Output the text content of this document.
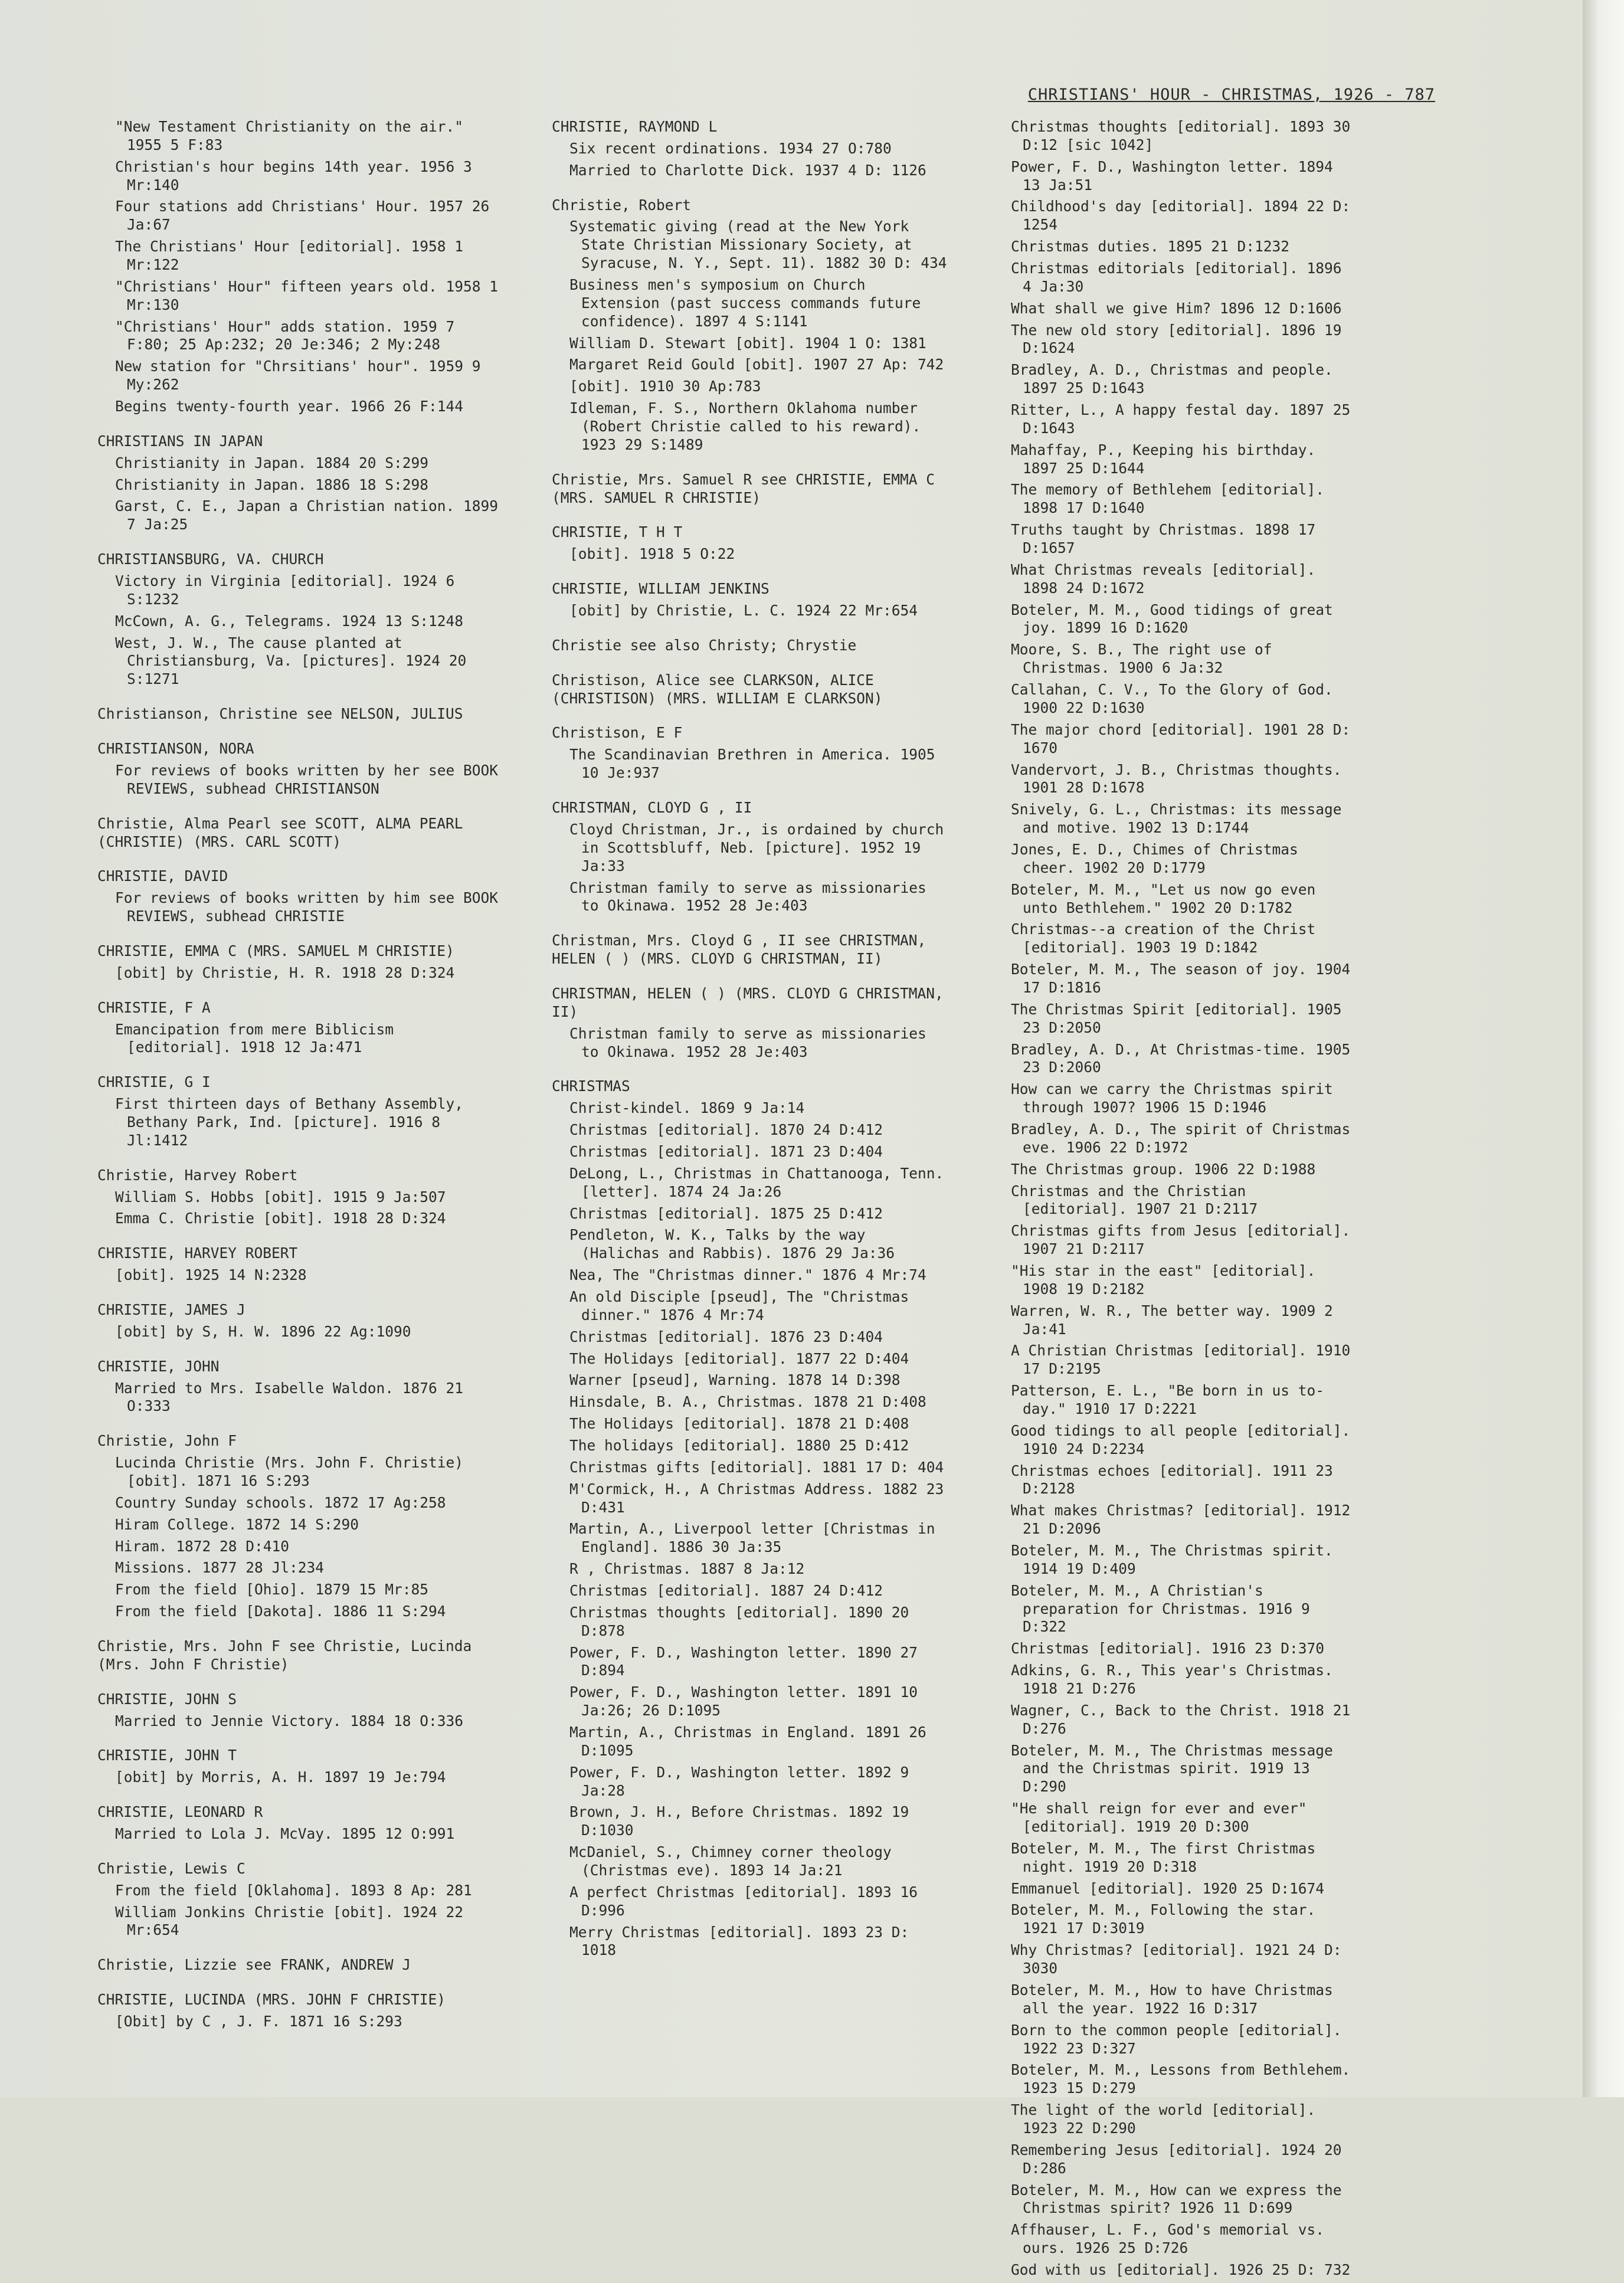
CHRISTIANS' HOUR - CHRISTMAS, 1926 - 787
"New Testament Christianity on the air." 1955 5 F:83
Christian's hour begins 14th year. 1956 3 Mr:140
Four stations add Christians' Hour. 1957 26 Ja:67
The Christians' Hour [editorial]. 1958 1 Mr:122
"Christians' Hour" fifteen years old. 1958 1 Mr:130
"Christians' Hour" adds station. 1959 7 F:80; 25 Ap:232; 20 Je:346; 2 My:248
New station for "Chrsitians' hour". 1959 9 My:262
Begins twenty-fourth year. 1966 26 F:144
CHRISTIANS IN JAPAN
Christianity in Japan. 1884 20 S:299
Christianity in Japan. 1886 18 S:298
Garst, C. E., Japan a Christian nation. 1899 7 Ja:25
CHRISTIANSBURG, VA. CHURCH
Victory in Virginia [editorial]. 1924 6 S:1232
McCown, A. G., Telegrams. 1924 13 S:1248
West, J. W., The cause planted at Christiansburg, Va. [pictures]. 1924 20 S:1271
Christianson, Christine see NELSON, JULIUS
CHRISTIANSON, NORA
For reviews of books written by her see BOOK REVIEWS, subhead CHRISTIANSON
Christie, Alma Pearl see SCOTT, ALMA PEARL (CHRISTIE) (MRS. CARL SCOTT)
CHRISTIE, DAVID
For reviews of books written by him see BOOK REVIEWS, subhead CHRISTIE
CHRISTIE, EMMA C (MRS. SAMUEL M CHRISTIE)
[obit] by Christie, H. R. 1918 28 D:324
CHRISTIE, F A
Emancipation from mere Biblicism [editorial]. 1918 12 Ja:471
CHRISTIE, G I
First thirteen days of Bethany Assembly, Bethany Park, Ind. [picture]. 1916 8 Jl:1412
Christie, Harvey Robert
William S. Hobbs [obit]. 1915 9 Ja:507
Emma C. Christie [obit]. 1918 28 D:324
CHRISTIE, HARVEY ROBERT
[obit]. 1925 14 N:2328
CHRISTIE, JAMES J
[obit] by S, H. W. 1896 22 Ag:1090
CHRISTIE, JOHN
Married to Mrs. Isabelle Waldon. 1876 21 O:333
Christie, John F
Lucinda Christie (Mrs. John F. Christie) [obit]. 1871 16 S:293
Country Sunday schools. 1872 17 Ag:258
Hiram College. 1872 14 S:290
Hiram. 1872 28 D:410
Missions. 1877 28 Jl:234
From the field [Ohio]. 1879 15 Mr:85
From the field [Dakota]. 1886 11 S:294
Christie, Mrs. John F see Christie, Lucinda (Mrs. John F Christie)
CHRISTIE, JOHN S
Married to Jennie Victory. 1884 18 O:336
CHRISTIE, JOHN T
[obit] by Morris, A. H. 1897 19 Je:794
CHRISTIE, LEONARD R
Married to Lola J. McVay. 1895 12 O:991
Christie, Lewis C
From the field [Oklahoma]. 1893 8 Ap: 281
William Jonkins Christie [obit]. 1924 22 Mr:654
Christie, Lizzie see FRANK, ANDREW J
CHRISTIE, LUCINDA (MRS. JOHN F CHRISTIE)
[Obit] by C , J. F. 1871 16 S:293
CHRISTIE, RAYMOND L
Six recent ordinations. 1934 27 O:780
Married to Charlotte Dick. 1937 4 D: 1126
Christie, Robert
Systematic giving (read at the New York State Christian Missionary Society, at Syracuse, N. Y., Sept. 11). 1882 30 D: 434
Business men's symposium on Church Extension (past success commands future confidence). 1897 4 S:1141
William D. Stewart [obit]. 1904 1 O: 1381
Margaret Reid Gould [obit]. 1907 27 Ap: 742
[obit]. 1910 30 Ap:783
Idleman, F. S., Northern Oklahoma number (Robert Christie called to his reward). 1923 29 S:1489
Christie, Mrs. Samuel R see CHRISTIE, EMMA C (MRS. SAMUEL R CHRISTIE)
CHRISTIE, T H T
[obit]. 1918 5 O:22
CHRISTIE, WILLIAM JENKINS
[obit] by Christie, L. C. 1924 22 Mr:654
Christie see also Christy; Chrystie
Christison, Alice see CLARKSON, ALICE (CHRISTISON) (MRS. WILLIAM E CLARKSON)
Christison, E F
The Scandinavian Brethren in America. 1905 10 Je:937
CHRISTMAN, CLOYD G , II
Cloyd Christman, Jr., is ordained by church in Scottsbluff, Neb. [picture]. 1952 19 Ja:33
Christman family to serve as missionaries to Okinawa. 1952 28 Je:403
Christman, Mrs. Cloyd G , II see CHRISTMAN, HELEN ( ) (MRS. CLOYD G CHRISTMAN, II)
CHRISTMAN, HELEN ( ) (MRS. CLOYD G CHRISTMAN, II)
Christman family to serve as missionaries to Okinawa. 1952 28 Je:403
CHRISTMAS
Christ-kindel. 1869 9 Ja:14
Christmas [editorial]. 1870 24 D:412
Christmas [editorial]. 1871 23 D:404
DeLong, L., Christmas in Chattanooga, Tenn. [letter]. 1874 24 Ja:26
Christmas [editorial]. 1875 25 D:412
Pendleton, W. K., Talks by the way (Halichas and Rabbis). 1876 29 Ja:36
Nea, The "Christmas dinner." 1876 4 Mr:74
An old Disciple [pseud], The "Christmas dinner." 1876 4 Mr:74
Christmas [editorial]. 1876 23 D:404
The Holidays [editorial]. 1877 22 D:404
Warner [pseud], Warning. 1878 14 D:398
Hinsdale, B. A., Christmas. 1878 21 D:408
The Holidays [editorial]. 1878 21 D:408
The holidays [editorial]. 1880 25 D:412
Christmas gifts [editorial]. 1881 17 D: 404
M'Cormick, H., A Christmas Address. 1882 23 D:431
Martin, A., Liverpool letter [Christmas in England]. 1886 30 Ja:35
R , Christmas. 1887 8 Ja:12
Christmas [editorial]. 1887 24 D:412
Christmas thoughts [editorial]. 1890 20 D:878
Power, F. D., Washington letter. 1890 27 D:894
Power, F. D., Washington letter. 1891 10 Ja:26; 26 D:1095
Martin, A., Christmas in England. 1891 26 D:1095
Power, F. D., Washington letter. 1892 9 Ja:28
Brown, J. H., Before Christmas. 1892 19 D:1030
McDaniel, S., Chimney corner theology (Christmas eve). 1893 14 Ja:21
A perfect Christmas [editorial]. 1893 16 D:996
Merry Christmas [editorial]. 1893 23 D: 1018
Christmas thoughts [editorial]. 1893 30 D:12 [sic 1042]
Power, F. D., Washington letter. 1894 13 Ja:51
Childhood's day [editorial]. 1894 22 D: 1254
Christmas duties. 1895 21 D:1232
Christmas editorials [editorial]. 1896 4 Ja:30
What shall we give Him? 1896 12 D:1606
The new old story [editorial]. 1896 19 D:1624
Bradley, A. D., Christmas and people. 1897 25 D:1643
Ritter, L., A happy festal day. 1897 25 D:1643
Mahaffay, P., Keeping his birthday. 1897 25 D:1644
The memory of Bethlehem [editorial]. 1898 17 D:1640
Truths taught by Christmas. 1898 17 D:1657
What Christmas reveals [editorial]. 1898 24 D:1672
Boteler, M. M., Good tidings of great joy. 1899 16 D:1620
Moore, S. B., The right use of Christmas. 1900 6 Ja:32
Callahan, C. V., To the Glory of God. 1900 22 D:1630
The major chord [editorial]. 1901 28 D: 1670
Vandervort, J. B., Christmas thoughts. 1901 28 D:1678
Snively, G. L., Christmas: its message and motive. 1902 13 D:1744
Jones, E. D., Chimes of Christmas cheer. 1902 20 D:1779
Boteler, M. M., "Let us now go even unto Bethlehem." 1902 20 D:1782
Christmas--a creation of the Christ [editorial]. 1903 19 D:1842
Boteler, M. M., The season of joy. 1904 17 D:1816
The Christmas Spirit [editorial]. 1905 23 D:2050
Bradley, A. D., At Christmas-time. 1905 23 D:2060
How can we carry the Christmas spirit through 1907? 1906 15 D:1946
Bradley, A. D., The spirit of Christmas eve. 1906 22 D:1972
The Christmas group. 1906 22 D:1988
Christmas and the Christian [editorial]. 1907 21 D:2117
Christmas gifts from Jesus [editorial]. 1907 21 D:2117
"His star in the east" [editorial]. 1908 19 D:2182
Warren, W. R., The better way. 1909 2 Ja:41
A Christian Christmas [editorial]. 1910 17 D:2195
Patterson, E. L., "Be born in us to-day." 1910 17 D:2221
Good tidings to all people [editorial]. 1910 24 D:2234
Christmas echoes [editorial]. 1911 23 D:2128
What makes Christmas? [editorial]. 1912 21 D:2096
Boteler, M. M., The Christmas spirit. 1914 19 D:409
Boteler, M. M., A Christian's preparation for Christmas. 1916 9 D:322
Christmas [editorial]. 1916 23 D:370
Adkins, G. R., This year's Christmas. 1918 21 D:276
Wagner, C., Back to the Christ. 1918 21 D:276
Boteler, M. M., The Christmas message and the Christmas spirit. 1919 13 D:290
"He shall reign for ever and ever" [editorial]. 1919 20 D:300
Boteler, M. M., The first Christmas night. 1919 20 D:318
Emmanuel [editorial]. 1920 25 D:1674
Boteler, M. M., Following the star. 1921 17 D:3019
Why Christmas? [editorial]. 1921 24 D: 3030
Boteler, M. M., How to have Christmas all the year. 1922 16 D:317
Born to the common people [editorial]. 1922 23 D:327
Boteler, M. M., Lessons from Bethlehem. 1923 15 D:279
The light of the world [editorial]. 1923 22 D:290
Remembering Jesus [editorial]. 1924 20 D:286
Boteler, M. M., How can we express the Christmas spirit? 1926 11 D:699
Affhauser, L. F., God's memorial vs. ours. 1926 25 D:726
God with us [editorial]. 1926 25 D: 732
